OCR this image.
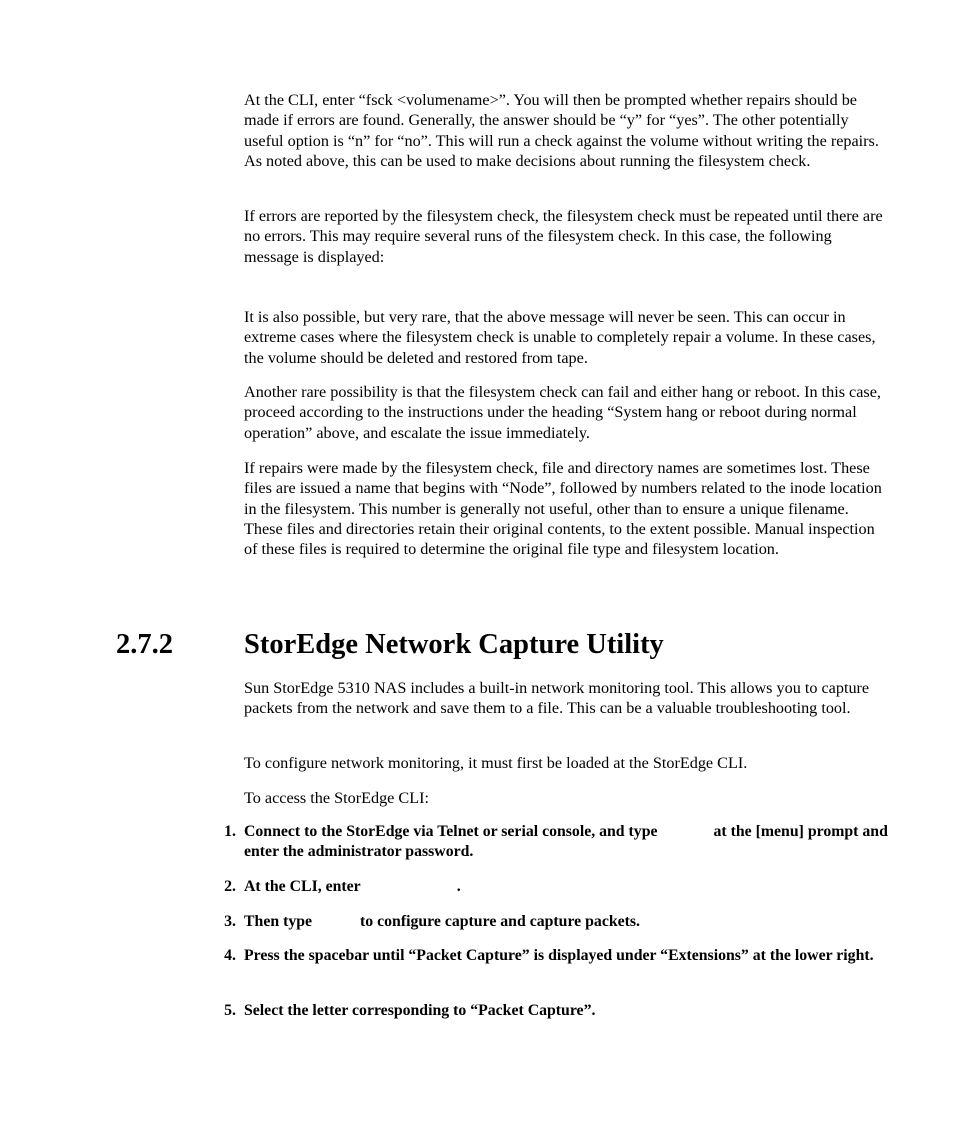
At the CLI, enter “fsck <volumename>”. You will then be prompted whether repairs should be made if errors are found. Generally, the answer should be “y” for “yes”. The other potentially useful option is “n” for “no”. This will run a check against the volume without writing the repairs. As noted above, this can be used to make decisions about running the filesystem check.

If errors are reported by the filesystem check, the filesystem check must be repeated until there are no errors. This may require several runs of the filesystem check. In this case, the following message is displayed:

It is also possible, but very rare, that the above message will never be seen. This can occur in extreme cases where the filesystem check is unable to completely repair a volume. In these cases, the volume should be deleted and restored from tape.

Another rare possibility is that the filesystem check can fail and either hang or reboot. In this case, proceed according to the instructions under the heading “System hang or reboot during normal operation” above, and escalate the issue immediately.

If repairs were made by the filesystem check, file and directory names are sometimes lost. These files are issued a name that begins with “Node”, followed by numbers related to the inode location in the filesystem. This number is generally not useful, other than to ensure a unique filename. These files and directories retain their original contents, to the extent possible. Manual inspection of these files is required to determine the original file type and filesystem location.

2.7.2 StorEdge Network Capture Utility

Sun StorEdge 5310 NAS includes a built-in network monitoring tool. This allows you to capture packets from the network and save them to a file. This can be a valuable troubleshooting tool.

To configure network monitoring, it must first be loaded at the StorEdge CLI.

To access the StorEdge CLI:

1. Connect to the StorEdge via Telnet or serial console, and type	at the [menu] prompt and enter the administrator password.
2. At the CLI, enter	.
3. Then type	to configure capture and capture packets.
4. Press the spacebar until “Packet Capture” is displayed under “Extensions” at the lower right.
5. Select the letter corresponding to “Packet Capture”.
